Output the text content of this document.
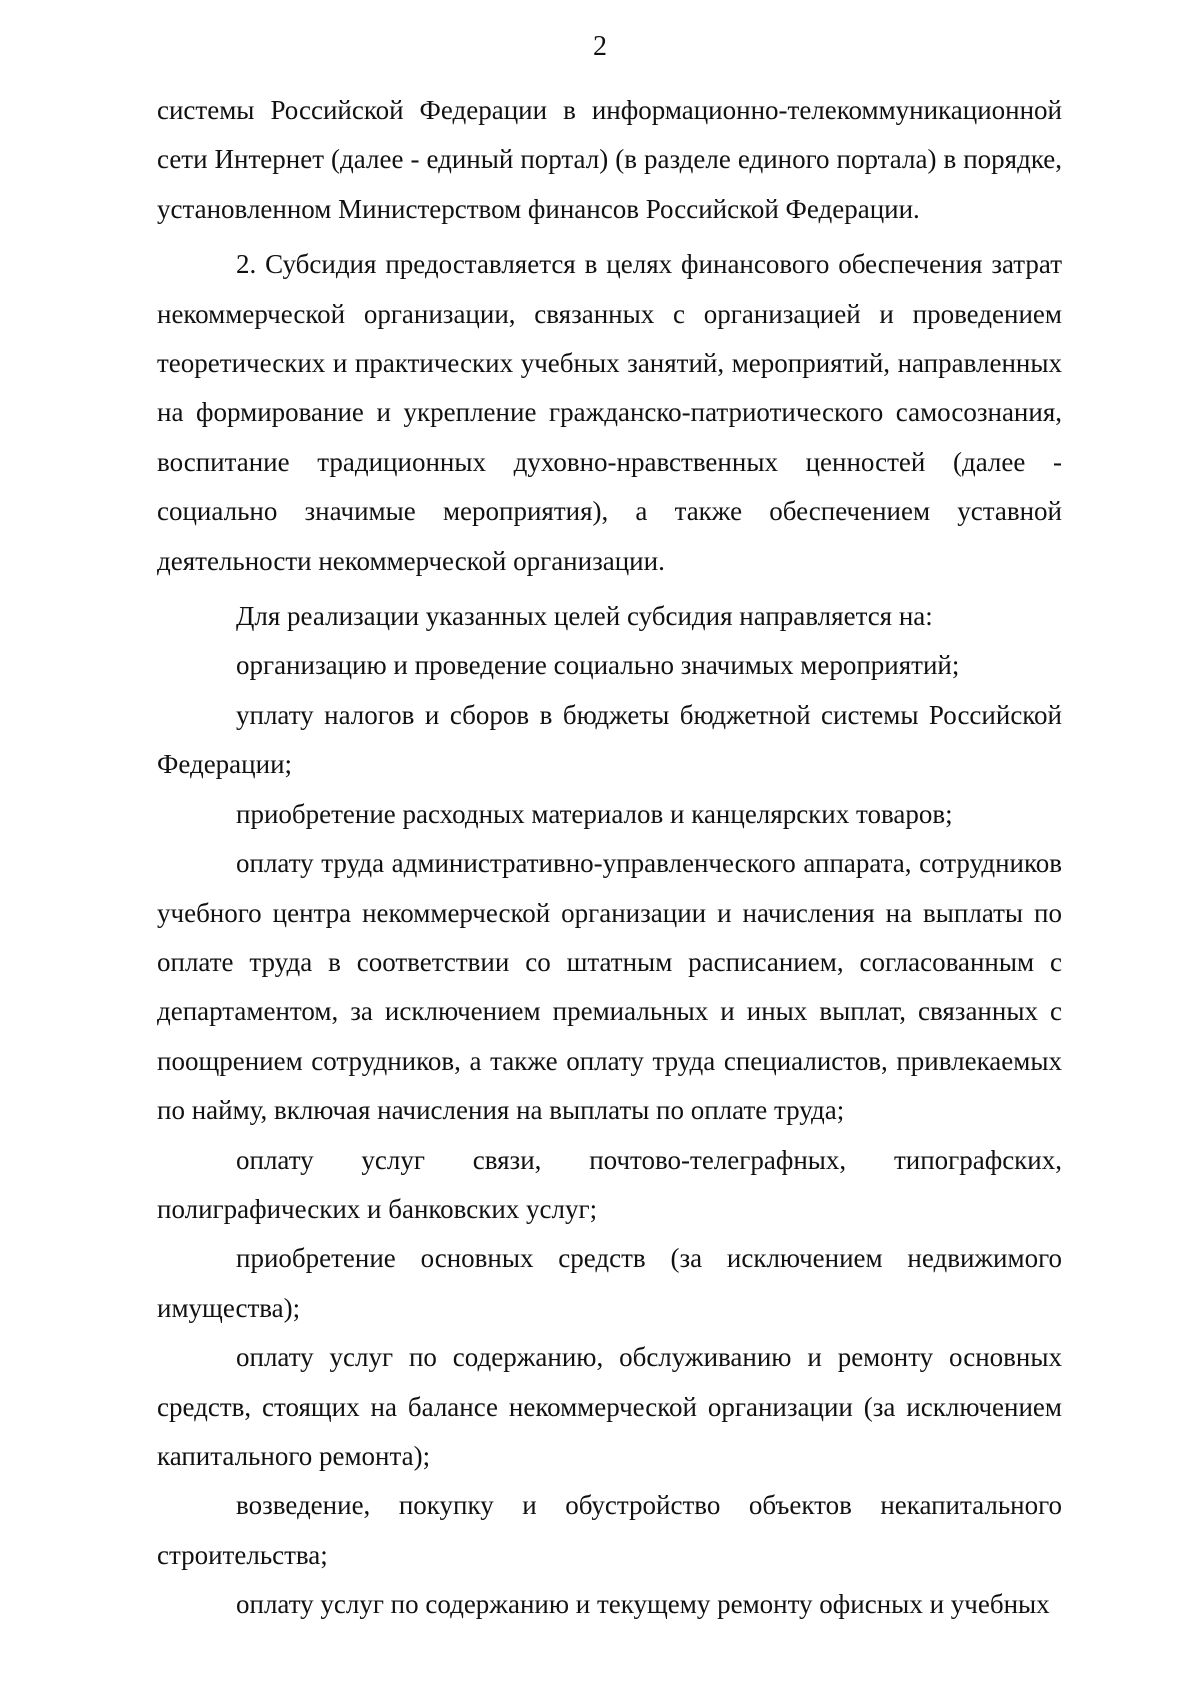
2

системы Российской Федерации в информационно-телекоммуникационной сети Интернет (далее - единый портал) (в разделе единого портала) в порядке, установленном Министерством финансов Российской Федерации.

2. Субсидия предоставляется в целях финансового обеспечения затрат некоммерческой организации, связанных с организацией и проведением теоретических и практических учебных занятий, мероприятий, направленных на формирование и укрепление гражданско-патриотического самосознания, воспитание традиционных духовно-нравственных ценностей (далее - социально значимые мероприятия), а также обеспечением уставной деятельности некоммерческой организации.

Для реализации указанных целей субсидия направляется на:

организацию и проведение социально значимых мероприятий;

уплату налогов и сборов в бюджеты бюджетной системы Российской Федерации;

приобретение расходных материалов и канцелярских товаров;

оплату труда административно-управленческого аппарата, сотрудников учебного центра некоммерческой организации и начисления на выплаты по оплате труда в соответствии со штатным расписанием, согласованным с департаментом, за исключением премиальных и иных выплат, связанных с поощрением сотрудников, а также оплату труда специалистов, привлекаемых по найму, включая начисления на выплаты по оплате труда;

оплату услуг связи, почтово-телеграфных, типографских, полиграфических и банковских услуг;

приобретение основных средств (за исключением недвижимого имущества);

оплату услуг по содержанию, обслуживанию и ремонту основных средств, стоящих на балансе некоммерческой организации (за исключением капитального ремонта);

возведение, покупку и обустройство объектов некапитального строительства;

оплату услуг по содержанию и текущему ремонту офисных и учебных
